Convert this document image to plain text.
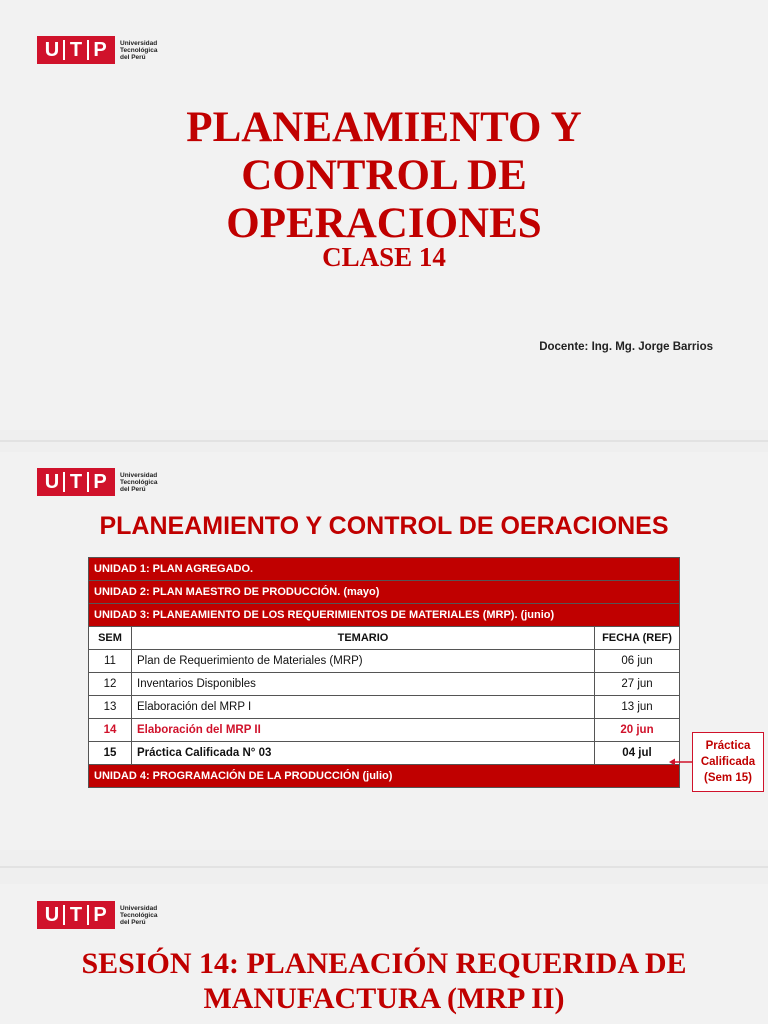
U T P	Universidad
Tecnológica
del Perú
PLANEAMIENTO Y
CONTROL DE
OPERACIONES
CLASE 14
Docente: Ing. Mg. Jorge Barrios
U T P	Universidad
Tecnológica
del Perú
PLANEAMIENTO Y CONTROL DE OERACIONES
UNIDAD 1: PLAN AGREGADO.		
UNIDAD 2: PLAN MAESTRO DE PRODUCCIÓN. (mayo)		
UNIDAD 3: PLANEAMIENTO DE LOS REQUERIMIENTOS DE MATERIALES (MRP). (junio)		
SEM	TEMARIO	FECHA (REF)
11	Plan de Requerimiento de Materiales (MRP)	06 jun
12	Inventarios Disponibles	27 jun
13	Elaboración del MRP I	13 jun
14	Elaboración del MRP II	20 jun
15	Práctica Calificada N° 03	04 jul
UNIDAD 4: PROGRAMACIÓN DE LA PRODUCCIÓN (julio)		
Práctica
Calificada
(Sem 15)
U T P	Universidad
Tecnológica
del Perú
SESIÓN 14: PLANEACIÓN REQUERIDA DE
MANUFACTURA (MRP II)
